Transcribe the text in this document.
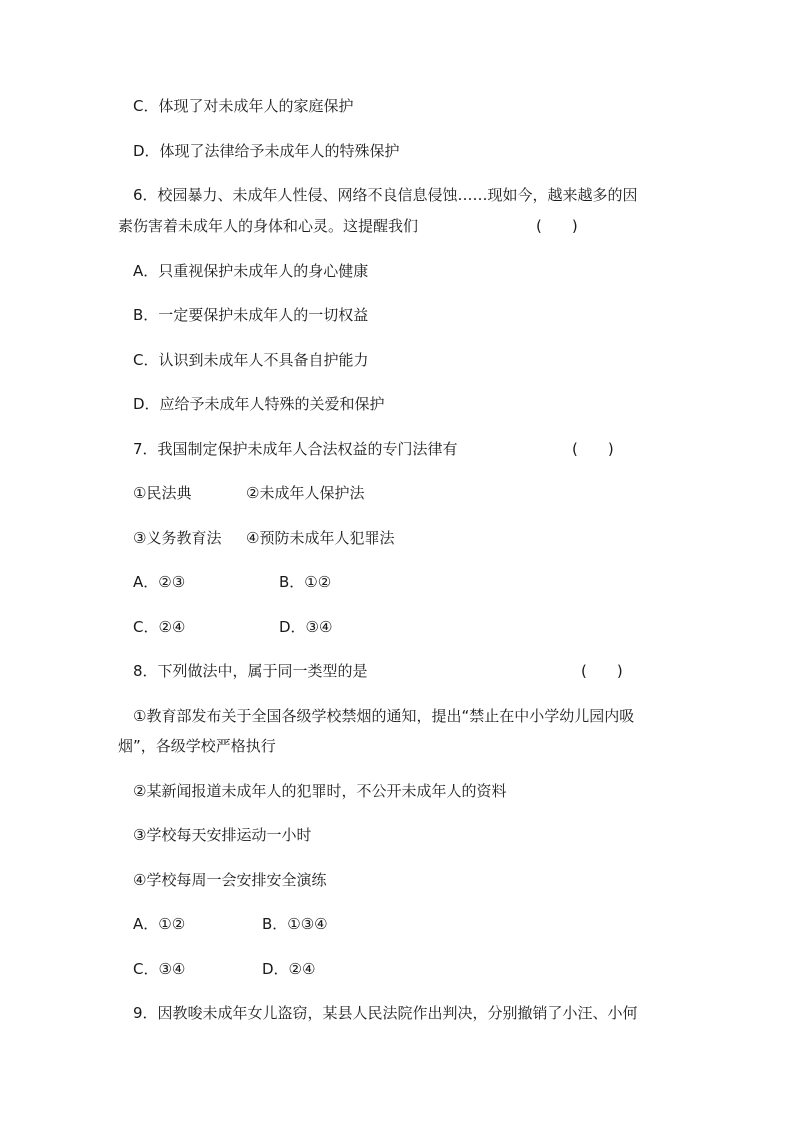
C．体现了对未成年人的家庭保护
D．体现了法律给予未成年人的特殊保护
6．校园暴力、未成年人性侵、网络不良信息侵蚀……现如今，越来越多的因
素伤害着未成年人的身体和心灵。这提醒我们	(　　)
A．只重视保护未成年人的身心健康
B．一定要保护未成年人的一切权益
C．认识到未成年人不具备自护能力
D．应给予未成年人特殊的关爱和保护
7．我国制定保护未成年人合法权益的专门法律有	(　　)
①民法典	②未成年人保护法
③义务教育法 ④预防未成年人犯罪法
A．②③	B．①②
C．②④	D．③④
8．下列做法中，属于同一类型的是	(　　)
①教育部发布关于全国各级学校禁烟的通知，提出“禁止在中小学幼儿园内吸
烟”，各级学校严格执行
②某新闻报道未成年人的犯罪时，不公开未成年人的资料
③学校每天安排运动一小时
④学校每周一会安排安全演练
A．①②	B．①③④
C．③④	D．②④
9．因教唆未成年女儿盗窃，某县人民法院作出判决，分别撤销了小汪、小何
